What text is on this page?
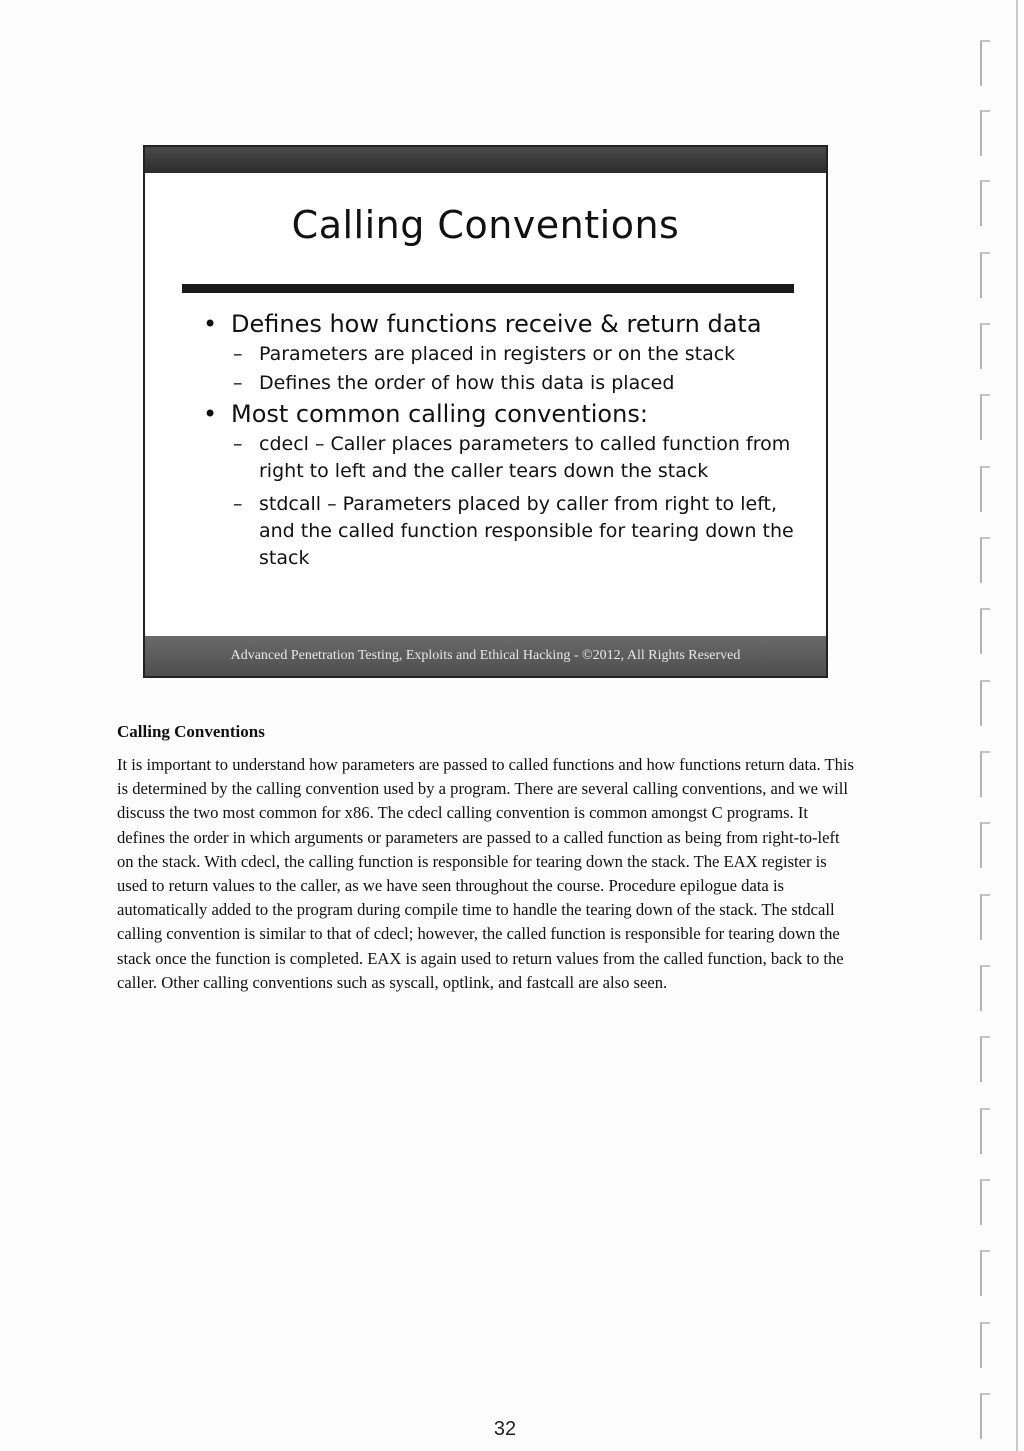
Calling Conventions
• Defines how functions receive & return data
– Parameters are placed in registers or on the stack
– Defines the order of how this data is placed
• Most common calling conventions:
– cdecl – Caller places parameters to called function from right to left and the caller tears down the stack
– stdcall – Parameters placed by caller from right to left, and the called function responsible for tearing down the stack
Advanced Penetration Testing, Exploits and Ethical Hacking - ©2012, All Rights Reserved
Calling Conventions
It is important to understand how parameters are passed to called functions and how functions return data. This is determined by the calling convention used by a program. There are several calling conventions, and we will discuss the two most common for x86. The cdecl calling convention is common amongst C programs. It defines the order in which arguments or parameters are passed to a called function as being from right-to-left on the stack. With cdecl, the calling function is responsible for tearing down the stack. The EAX register is used to return values to the caller, as we have seen throughout the course. Procedure epilogue data is automatically added to the program during compile time to handle the tearing down of the stack. The stdcall calling convention is similar to that of cdecl; however, the called function is responsible for tearing down the stack once the function is completed. EAX is again used to return values from the called function, back to the caller. Other calling conventions such as syscall, optlink, and fastcall are also seen.
32
